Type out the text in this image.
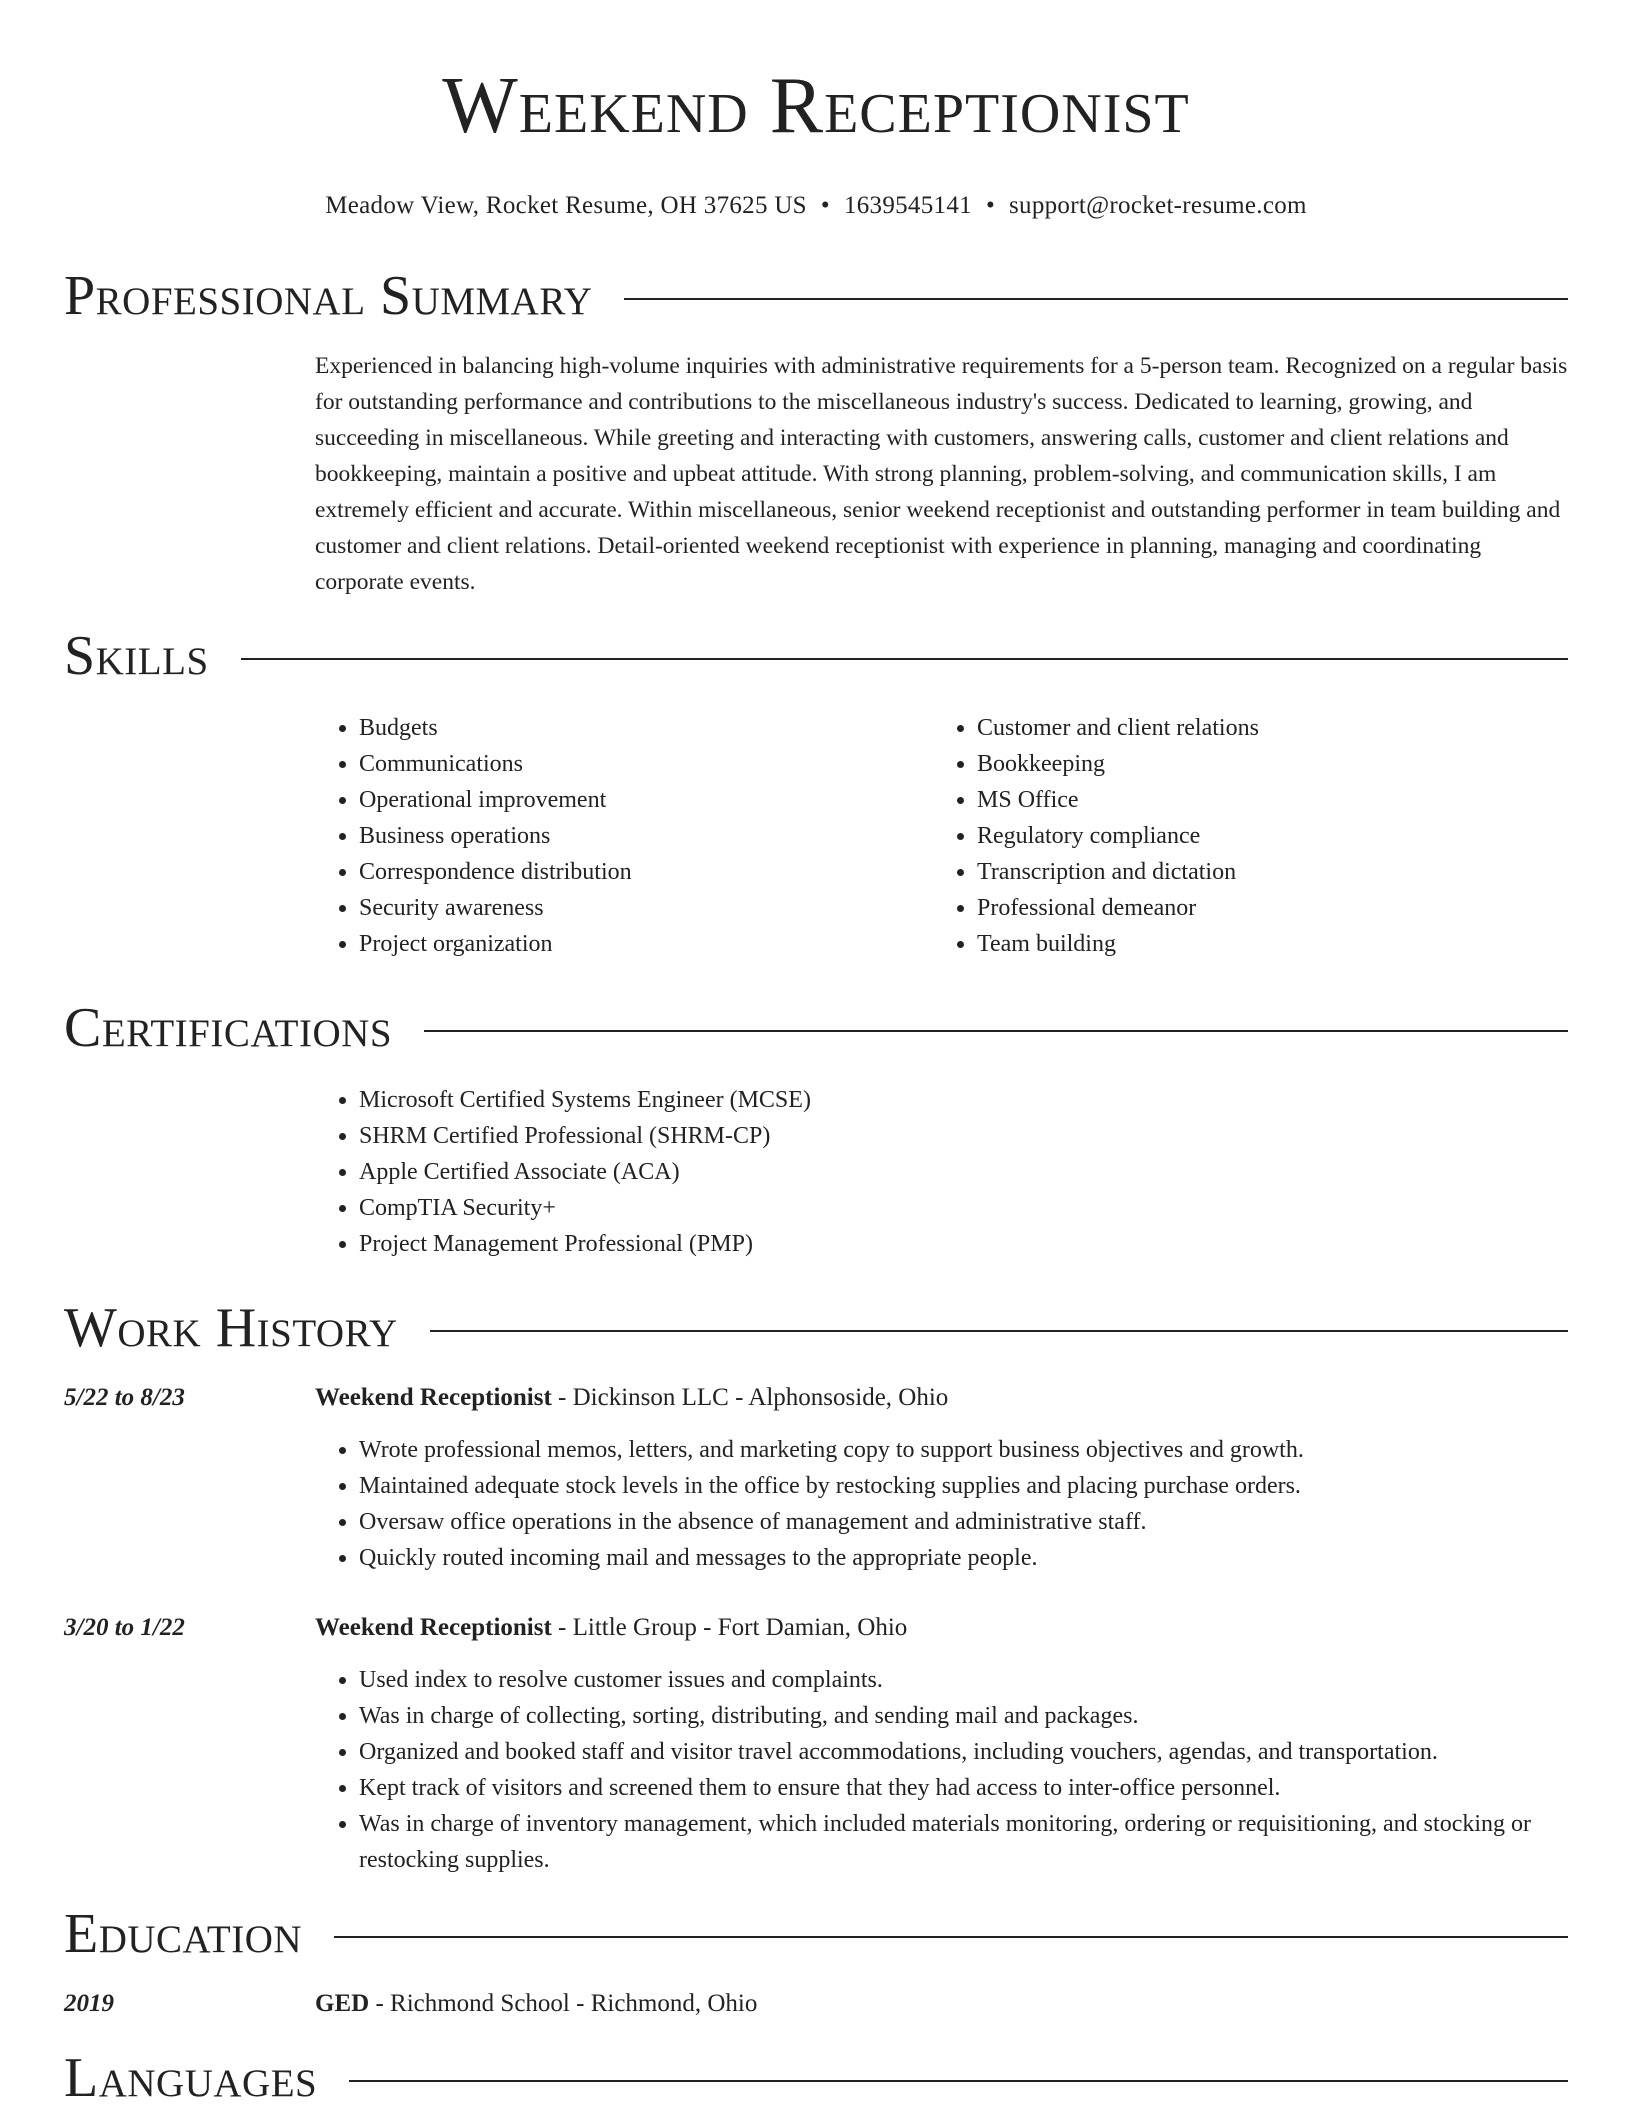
Weekend Receptionist
Meadow View, Rocket Resume, OH 37625 US • 1639545141 • support@rocket-resume.com
Professional Summary

Experienced in balancing high-volume inquiries with administrative requirements for a 5-person team. Recognized on a regular basis for outstanding performance and contributions to the miscellaneous industry's success. Dedicated to learning, growing, and succeeding in miscellaneous. While greeting and interacting with customers, answering calls, customer and client relations and bookkeeping, maintain a positive and upbeat attitude. With strong planning, problem-solving, and communication skills, I am extremely efficient and accurate. Within miscellaneous, senior weekend receptionist and outstanding performer in team building and customer and client relations. Detail-oriented weekend receptionist with experience in planning, managing and coordinating corporate events.

Skills
• Budgets
• Communications
• Operational improvement
• Business operations
• Correspondence distribution
• Security awareness
• Project organization
• Customer and client relations
• Bookkeeping
• MS Office
• Regulatory compliance
• Transcription and dictation
• Professional demeanor
• Team building
Certifications
• Microsoft Certified Systems Engineer (MCSE)
• SHRM Certified Professional (SHRM-CP)
• Apple Certified Associate (ACA)
• CompTIA Security+
• Project Management Professional (PMP)
Work History
5/22 to 8/23	Weekend Receptionist - Dickinson LLC - Alphonsoside, Ohio
• Wrote professional memos, letters, and marketing copy to support business objectives and growth.
• Maintained adequate stock levels in the office by restocking supplies and placing purchase orders.
• Oversaw office operations in the absence of management and administrative staff.
• Quickly routed incoming mail and messages to the appropriate people.
3/20 to 1/22	Weekend Receptionist - Little Group - Fort Damian, Ohio
• Used index to resolve customer issues and complaints.
• Was in charge of collecting, sorting, distributing, and sending mail and packages.
• Organized and booked staff and visitor travel accommodations, including vouchers, agendas, and transportation.
• Kept track of visitors and screened them to ensure that they had access to inter-office personnel.
• Was in charge of inventory management, which included materials monitoring, ordering or requisitioning, and stocking or restocking supplies.
Education
2019	GED - Richmond School - Richmond, Ohio
Languages
